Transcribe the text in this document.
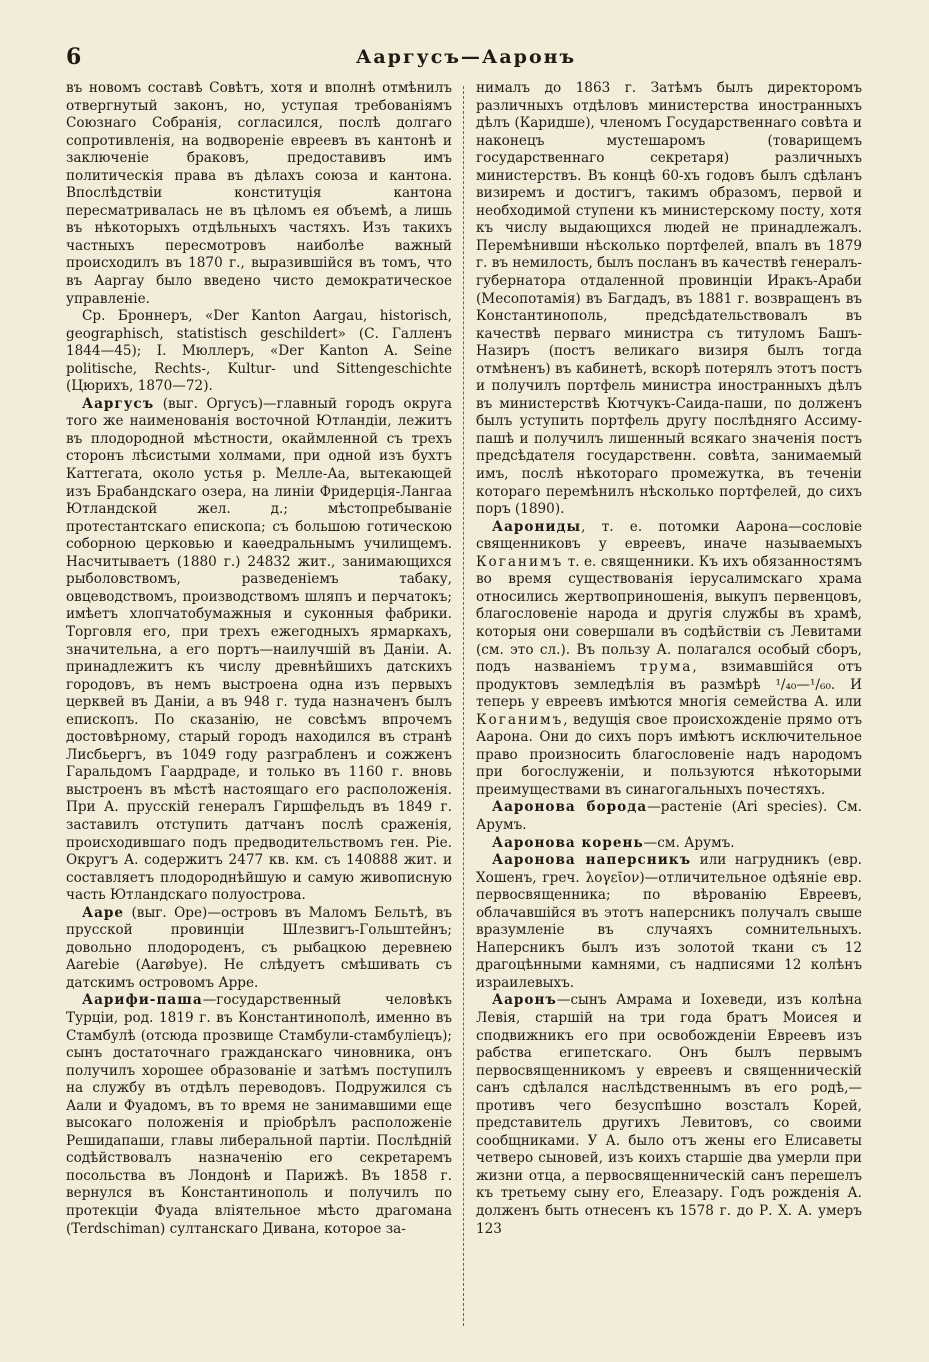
6	Ааргусъ—Ааронъ

въ новомъ составѣ Совѣтъ, хотя и вполнѣ отмѣнилъ отвергнутый законъ, но, уступая требованіямъ Союзнаго Собранія, согласился, послѣ долгаго сопротивленія, на водвореніе евреевъ въ кантонѣ и заключеніе браковъ, предоставивъ имъ политическія права въ дѣлахъ союза и кантона. Впослѣдствіи конституція кантона пересматривалась не въ цѣломъ ея объемѣ, а лишь въ нѣкоторыхъ отдѣльныхъ частяхъ. Изъ такихъ частныхъ пересмотровъ наиболѣе важный происходилъ въ 1870 г., выразившійся въ томъ, что въ Ааргау было введено чисто демократическое управленіе.

Ср. Броннеръ, «Der Kanton Aargau, historisch, geographisch, statistisch geschildert» (С. Галленъ 1844—45); І. Мюллеръ, «Der Kanton A. Seine politische, Rechts-, Kultur- und Sittengeschichte (Цюрихъ, 1870—72).

Ааргусъ (выг. Оргусъ)—главный городъ округа того же наименованія восточной Ютландіи, лежитъ въ плодородной мѣстности, окаймленной съ трехъ сторонъ лѣсистыми холмами, при одной изъ бухтъ Каттегата, около устья р. Мелле-Аа, вытекающей изъ Брабандскаго озера, на линіи Фридерція-Лангаа Ютландской жел. д.; мѣстопребываніе протестантскаго епископа; съ большою готическою соборною церковью и каѳедральнымъ училищемъ. Насчитываетъ (1880 г.) 24832 жит., занимающихся рыболовствомъ, разведеніемъ табаку, овцеводствомъ, производствомъ шляпъ и перчатокъ; имѣетъ хлопчатобумажныя и суконныя фабрики. Торговля его, при трехъ ежегодныхъ ярмаркахъ, значительна, а его портъ—наилучшій въ Даніи. А. принадлежитъ къ числу древнѣйшихъ датскихъ городовъ, въ немъ выстроена одна изъ первыхъ церквей въ Даніи, а въ 948 г. туда назначенъ былъ епископъ. По сказанію, не совсѣмъ впрочемъ достовѣрному, старый городъ находился въ странѣ Лисбьергъ, въ 1049 году разграбленъ и сожженъ Гаральдомъ Гаардраде, и только въ 1160 г. вновь выстроенъ въ мѣстѣ настоящаго его расположенія. При А. прусскій генералъ Гиршфельдъ въ 1849 г. заставилъ отступить датчанъ послѣ сраженія, происходившаго подъ предводительствомъ ген. Ріе. Округъ А. содержитъ 2477 кв. км. съ 140888 жит. и составляетъ плодороднѣйшую и самую живописную часть Ютландскаго полуострова.

Ааре (выг. Оре)—островъ въ Маломъ Бельтѣ, въ прусской провинціи Шлезвигъ-Гольштейнъ; довольно плодороденъ, съ рыбацкою деревнею Aarebie (Aarøbye). Не слѣдуетъ смѣшивать съ датскимъ островомъ Арре.

Аарифи-паша—государственный человѣкъ Турціи, род. 1819 г. въ Константинополѣ, именно въ Стамбулѣ (отсюда прозвище Стамбули-стамбуліецъ); сынъ достаточнаго гражданскаго чиновника, онъ получилъ хорошее образованіе и затѣмъ поступилъ на службу въ отдѣлъ переводовъ. Подружился съ Аали и Фуадомъ, въ то время не занимавшими еще высокаго положенія и пріобрѣлъ расположеніе Решидапаши, главы либеральной партіи. Послѣдній содѣйствовалъ назначенію его секретаремъ посольства въ Лондонѣ и Парижѣ. Въ 1858 г. вернулся въ Константинополь и получилъ по протекціи Фуада вліятельное мѣсто драгомана (Terdschiman) султанскаго Дивана, которое за-

нималъ до 1863 г. Затѣмъ былъ директоромъ различныхъ отдѣловъ министерства иностранныхъ дѣлъ (Каридше), членомъ Государственнаго совѣта и наконецъ мустешаромъ (товарищемъ государственнаго секретаря) различныхъ министерствъ. Въ концѣ 60-хъ годовъ былъ сдѣланъ визиремъ и достигъ, такимъ образомъ, первой и необходимой ступени къ министерскому посту, хотя къ числу выдающихся людей не принадлежалъ. Перемѣнивши нѣсколько портфелей, впалъ въ 1879 г. въ немилость, былъ посланъ въ качествѣ генералъ-губернатора отдаленной провинціи Иракъ-Араби (Месопотамія) въ Багдадъ, въ 1881 г. возвращенъ въ Константинополь, предсѣдательствовалъ въ качествѣ перваго министра съ титуломъ Башъ-Назиръ (постъ великаго визиря былъ тогда отмѣненъ) въ кабинетѣ, вскорѣ потерялъ этотъ постъ и получилъ портфель министра иностранныхъ дѣлъ въ министерствѣ Кютчукъ-Саида-паши, по долженъ былъ уступить портфель другу послѣдняго Ассиму-пашѣ и получилъ лишенный всякаго значенія постъ предсѣдателя государственн. совѣта, занимаемый имъ, послѣ нѣкотораго промежутка, въ теченіи котораго перемѣнилъ нѣсколько портфелей, до сихъ поръ (1890).

Аарониды, т. е. потомки Аарона—сословіе священниковъ у евреевъ, иначе называемыхъ Коганимъ т. е. священники. Къ ихъ обязанностямъ во время существованія іерусалимскаго храма относились жертвоприношенія, выкупъ первенцовъ, благословеніе народа и другія службы въ храмѣ, которыя они совершали въ содѣйствіи съ Левитами (см. это сл.). Въ пользу А. полагался особый сборъ, подъ названіемъ трума, взимавшійся отъ продуктовъ земледѣлія въ размѣрѣ ¹/₄₀—¹/₆₀. И теперь у евреевъ имѣются многія семейства А. или Коганимъ, ведущія свое происхожденіе прямо отъ Аарона. Они до сихъ поръ имѣютъ исключительное право произносить благословеніе надъ народомъ при богослуженіи, и пользуются нѣкоторыми преимуществами въ синагогальныхъ почестяхъ.

Ааронова борода—растеніе (Ari species). См. Арумъ.

Ааронова корень—см. Арумъ.

Ааронова наперсникъ или нагрудникъ (евр. Хошенъ, греч. λογεῖον)—отличительное одѣяніе евр. первосвященника; по вѣрованію Евреевъ, облачавшійся въ этотъ наперсникъ получалъ свыше вразумленіе въ случаяхъ сомнительныхъ. Наперсникъ былъ изъ золотой ткани съ 12 драгоцѣнными камнями, съ надписями 12 колѣнъ израилевыхъ.

Ааронъ—сынъ Амрама и Іохеведи, изъ колѣна Левія, старшій на три года братъ Моисея и сподвижникъ его при освобожденіи Евреевъ изъ рабства египетскаго. Онъ былъ первымъ первосвященникомъ у евреевъ и священническій санъ сдѣлался наслѣдственнымъ въ его родѣ,—противъ чего безуспѣшно возсталъ Корей, представитель другихъ Левитовъ, со своими сообщниками. У А. было отъ жены его Елисаветы четверо сыновей, изъ коихъ старшіе два умерли при жизни отца, а первосвященническій санъ перешелъ къ третьему сыну его, Елеазару. Годъ рожденія А. долженъ быть отнесенъ къ 1578 г. до Р. Х. А. умеръ 123
